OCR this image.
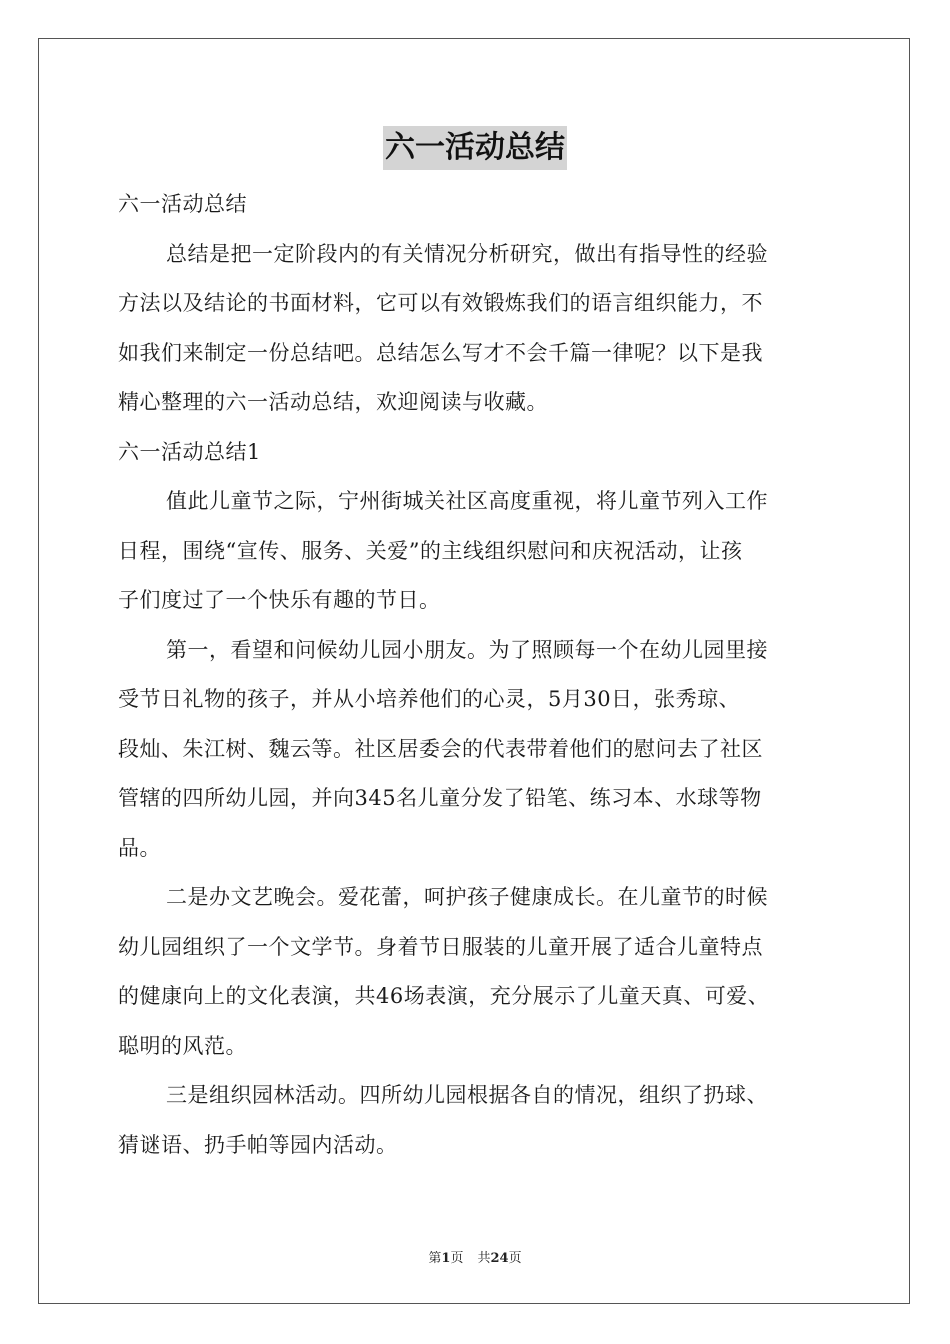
六一活动总结
六一活动总结
总结是把一定阶段内的有关情况分析研究，做出有指导性的经验
方法以及结论的书面材料，它可以有效锻炼我们的语言组织能力，不
如我们来制定一份总结吧。总结怎么写才不会千篇一律呢？以下是我
精心整理的六一活动总结，欢迎阅读与收藏。
六一活动总结1
值此儿童节之际，宁州街城关社区高度重视，将儿童节列入工作
日程，围绕“宣传、服务、关爱”的主线组织慰问和庆祝活动，让孩
子们度过了一个快乐有趣的节日。
第一，看望和问候幼儿园小朋友。为了照顾每一个在幼儿园里接
受节日礼物的孩子，并从小培养他们的心灵，5月30日，张秀琼、
段灿、朱江树、魏云等。社区居委会的代表带着他们的慰问去了社区
管辖的四所幼儿园，并向345名儿童分发了铅笔、练习本、水球等物
品。
二是办文艺晚会。爱花蕾，呵护孩子健康成长。在儿童节的时候
幼儿园组织了一个文学节。身着节日服装的儿童开展了适合儿童特点
的健康向上的文化表演，共46场表演，充分展示了儿童天真、可爱、
聪明的风范。
三是组织园林活动。四所幼儿园根据各自的情况，组织了扔球、
猜谜语、扔手帕等园内活动。
第1页 共24页
